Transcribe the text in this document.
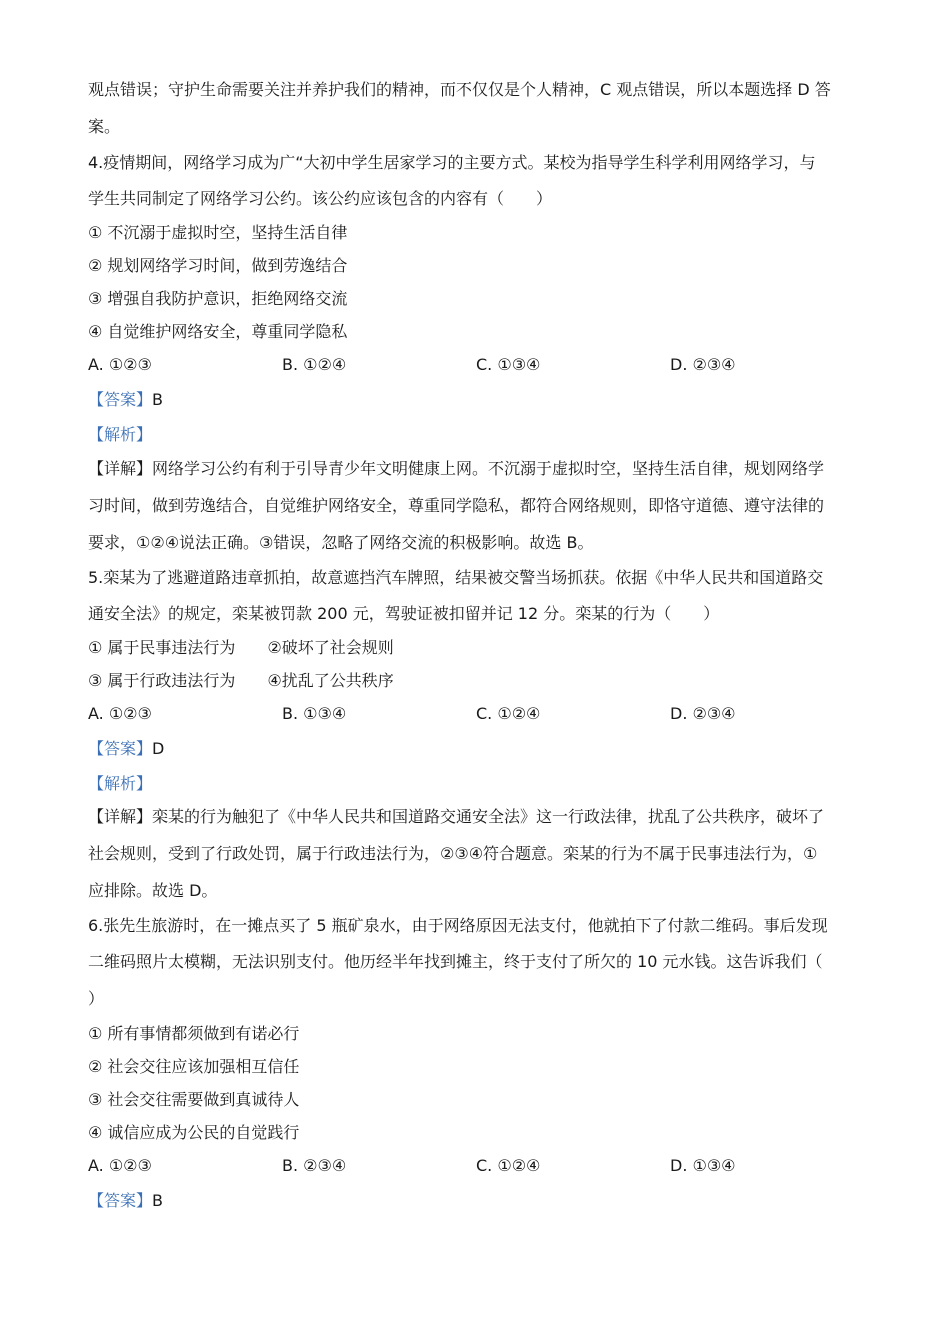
观点错误；守护生命需要关注并养护我们的精神，而不仅仅是个人精神，C 观点错误，所以本题选择 D 答
案。
4.疫情期间，网络学习成为广“大初中学生居家学习的主要方式。某校为指导学生科学利用网络学习，与
学生共同制定了网络学习公约。该公约应该包含的内容有（　　）
① 不沉溺于虚拟时空，坚持生活自律
② 规划网络学习时间，做到劳逸结合
③ 增强自我防护意识，拒绝网络交流
④ 自觉维护网络安全，尊重同学隐私
A. ①②③	B. ①②④	C. ①③④	D. ②③④
【答案】B
【解析】
【详解】网络学习公约有利于引导青少年文明健康上网。不沉溺于虚拟时空，坚持生活自律，规划网络学
习时间，做到劳逸结合，自觉维护网络安全，尊重同学隐私，都符合网络规则，即恪守道德、遵守法律的
要求，①②④说法正确。③错误，忽略了网络交流的积极影响。故选 B。
5.栾某为了逃避道路违章抓拍，故意遮挡汽车牌照，结果被交警当场抓获。依据《中华人民共和国道路交
通安全法》的规定，栾某被罚款 200 元，驾驶证被扣留并记 12 分。栾某的行为（　　）
① 属于民事违法行为　　②破坏了社会规则
③ 属于行政违法行为　　④扰乱了公共秩序
A. ①②③	B. ①③④	C. ①②④	D. ②③④
【答案】D
【解析】
【详解】栾某的行为触犯了《中华人民共和国道路交通安全法》这一行政法律，扰乱了公共秩序，破坏了
社会规则，受到了行政处罚，属于行政违法行为，②③④符合题意。栾某的行为不属于民事违法行为，①
应排除。故选 D。
6.张先生旅游时，在一摊点买了 5 瓶矿泉水，由于网络原因无法支付，他就拍下了付款二维码。事后发现
二维码照片太模糊，无法识别支付。他历经半年找到摊主，终于支付了所欠的 10 元水钱。这告诉我们（
）
① 所有事情都须做到有诺必行
② 社会交往应该加强相互信任
③ 社会交往需要做到真诚待人
④ 诚信应成为公民的自觉践行
A. ①②③	B. ②③④	C. ①②④	D. ①③④
【答案】B
